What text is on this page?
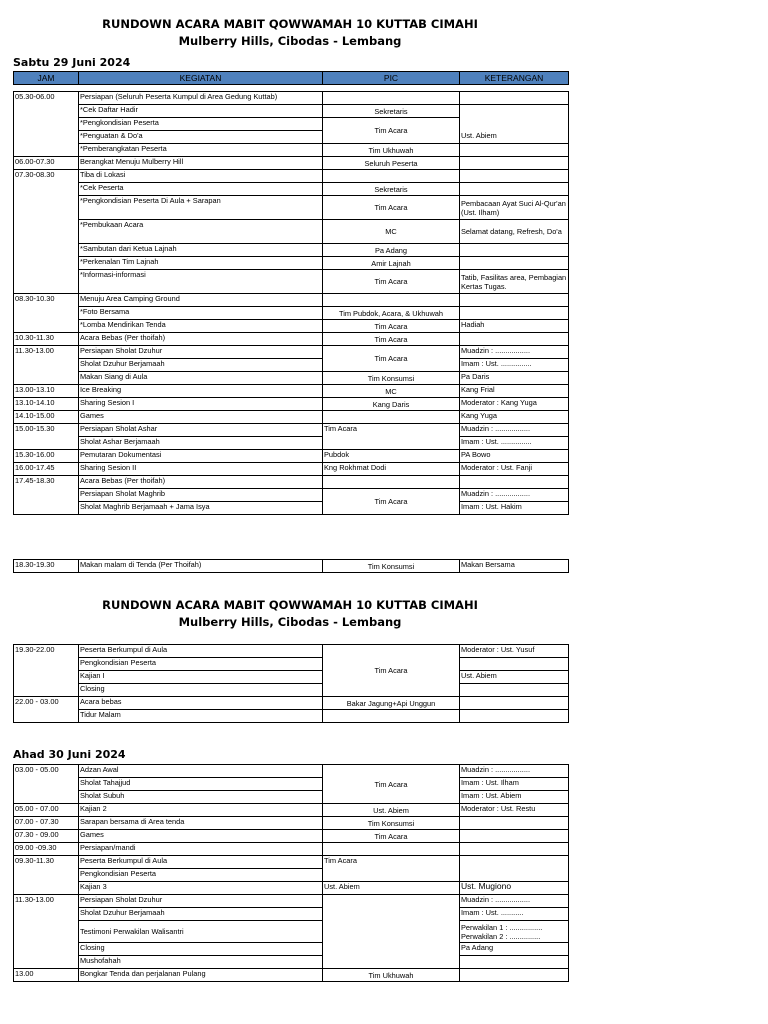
RUNDOWN ACARA MABIT QOWWAMAH 10 KUTTAB CIMAHI
Mulberry Hills, Cibodas - Lembang
Sabtu 29 Juni 2024
JAM	KEGIATAN	PIC	KETERANGAN
05.30-06.00	Persiapan (Seluruh Peserta Kumpul di Area Gedung Kuttab)		
	*Cek Daftar Hadir	Sekretaris	
	*Pengkondisian Peserta	Tim Acara	
	*Penguatan & Do'a		Ust. Abiem
	*Pemberangkatan Peserta	Tim Ukhuwah	
06.00-07.30	Berangkat Menuju Mulberry Hill	Seluruh Peserta	
07.30-08.30	Tiba di Lokasi		
	*Cek Peserta	Sekretaris	
	*Pengkondisian Peserta Di Aula + Sarapan	Tim Acara	Pembacaan Ayat Suci Al-Qur'an (Ust. Ilham)
	*Pembukaan Acara	MC	Selamat datang, Refresh, Do'a
	*Sambutan dari Ketua Lajnah	Pa Adang	
	*Perkenalan Tim Lajnah	Amir Lajnah	
	*Informasi-informasi	Tim Acara	Tatib, Fasilitas area, Pembagian Kertas Tugas.
08.30-10.30	Menuju Area Camping Ground		
	*Foto Bersama	Tim Pubdok, Acara, & Ukhuwah	
	*Lomba Mendirikan Tenda	Tim Acara	Hadiah
10.30-11.30	Acara Bebas (Per thoifah)	Tim Acara	
11.30-13.00	Persiapan Sholat Dzuhur	Tim Acara	Muadzin : .................
	Sholat Dzuhur Berjamaah		Imam : Ust. ...............
	Makan Siang di Aula	Tim Konsumsi	Pa Daris
13.00-13.10	Ice Breaking	MC	Kang Frial
13.10-14.10	Sharing Sesion I	Kang Daris	Moderator : Kang Yuga
14.10-15.00	Games		Kang Yuga
15.00-15.30	Persiapan Sholat Ashar	Tim Acara	Muadzin : .................
	Sholat Ashar Berjamaah		Imam : Ust. ...............
15.30-16.00	Pemutaran Dokumentasi	Pubdok	PA Bowo
16.00-17.45	Sharing Sesion II	Kng Rokhmat Dodi	Moderator : Ust. Fanji
17.45-18.30	Acara Bebas (Per thoifah)		
	Persiapan Sholat Maghrib	Tim Acara	Muadzin : .................
	Sholat Maghrib Berjamaah + Jama Isya		Imam : Ust. Hakim
18.30-19.30	Makan malam di Tenda (Per Thoifah)	Tim Konsumsi	Makan Bersama
RUNDOWN ACARA MABIT QOWWAMAH 10 KUTTAB CIMAHI
Mulberry Hills, Cibodas - Lembang
19.30-22.00	Peserta Berkumpul di Aula	Tim Acara	Moderator : Ust. Yusuf
	Pengkondisian Peserta		
	Kajian I		Ust. Abiem
	Closing		
22.00 - 03.00	Acara bebas	Bakar Jagung+Api Unggun	
	Tidur Malam		
Ahad 30 Juni 2024
03.00 - 05.00	Adzan Awal	Tim Acara	Muadzin : .................
	Sholat Tahajjud		Imam : Ust. Ilham
	Sholat Subuh		Imam : Ust. Abiem
05.00 - 07.00	Kajian 2	Ust. Abiem	Moderator : Ust. Restu
07.00 - 07.30	Sarapan bersama di Area tenda	Tim Konsumsi	
07.30 - 09.00	Games	Tim Acara	
09.00 -09.30	Persiapan/mandi		
09.30-11.30	Peserta Berkumpul di Aula	Tim Acara	
	Pengkondisian Peserta		
	Kajian 3	Ust. Abiem	Ust. Mugiono
11.30-13.00	Persiapan Sholat Dzuhur		Muadzin : .................
	Sholat Dzuhur Berjamaah		Imam : Ust. ...........
	Testimoni Perwakilan Walisantri		Perwakilan 1 : ................ Perwakilan 2 : ...............
	Closing		Pa Adang
	Mushofahah		
13.00	Bongkar Tenda dan perjalanan Pulang	Tim Ukhuwah	
